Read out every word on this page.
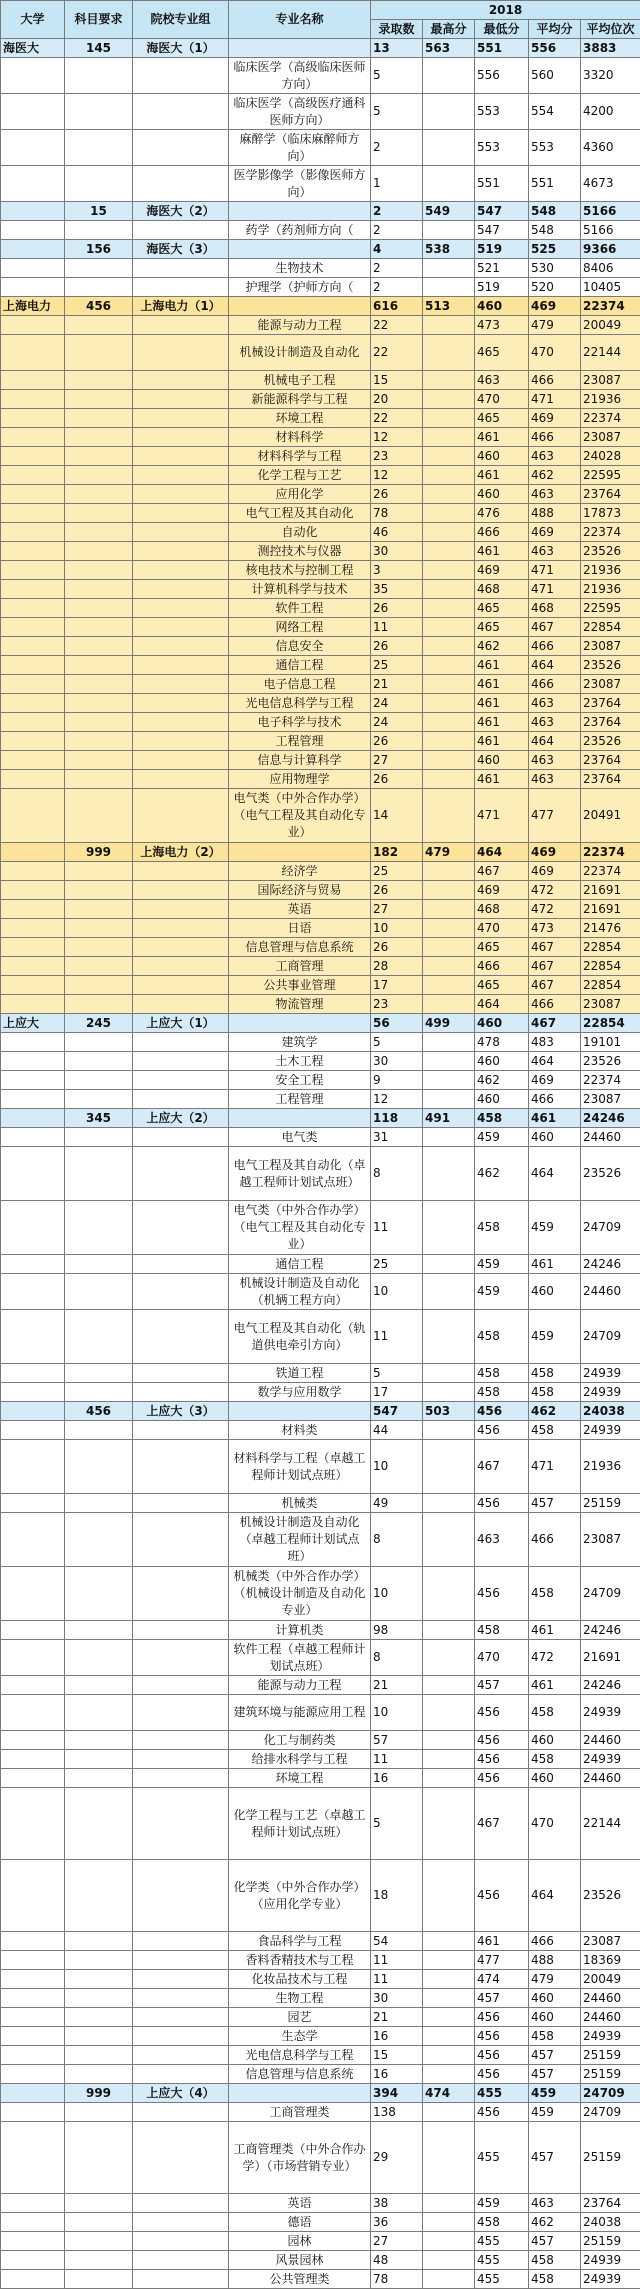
大学	科目要求	院校专业组	专业名称	2018				
				录取数	最高分	最低分	平均分	平均位次
海医大	145	海医大（1）		13	563	551	556	3883
			临床医学（高级临床医师方向）	5		556	560	3320
			临床医学（高级医疗通科医师方向）	5		553	554	4200
			麻醉学（临床麻醉师方向）	2		553	553	4360
			医学影像学（影像医师方向）	1		551	551	4673
	15	海医大（2）		2	549	547	548	5166
			药学（药剂师方向（	2		547	548	5166
	156	海医大（3）		4	538	519	525	9366
			生物技术	2		521	530	8406
			护理学（护师方向（	2		519	520	10405
上海电力	456	上海电力（1）		616	513	460	469	22374
			能源与动力工程	22		473	479	20049
			机械设计制造及自动化	22		465	470	22144
			机械电子工程	15		463	466	23087
			新能源科学与工程	20		470	471	21936
			环境工程	22		465	469	22374
			材料科学	12		461	466	23087
			材料科学与工程	23		460	463	24028
			化学工程与工艺	12		461	462	22595
			应用化学	26		460	463	23764
			电气工程及其自动化	78		476	488	17873
			自动化	46		466	469	22374
			测控技术与仪器	30		461	463	23526
			核电技术与控制工程	3		469	471	21936
			计算机科学与技术	35		468	471	21936
			软件工程	26		465	468	22595
			网络工程	11		465	467	22854
			信息安全	26		462	466	23087
			通信工程	25		461	464	23526
			电子信息工程	21		461	466	23087
			光电信息科学与工程	24		461	463	23764
			电子科学与技术	24		461	463	23764
			工程管理	26		461	464	23526
			信息与计算科学	27		460	463	23764
			应用物理学	26		461	463	23764
			电气类（中外合作办学）（电气工程及其自动化专业）	14		471	477	20491
	999	上海电力（2）		182	479	464	469	22374
			经济学	25		467	469	22374
			国际经济与贸易	26		469	472	21691
			英语	27		468	472	21691
			日语	10		470	473	21476
			信息管理与信息系统	26		465	467	22854
			工商管理	28		466	467	22854
			公共事业管理	17		465	467	22854
			物流管理	23		464	466	23087
上应大	245	上应大（1）		56	499	460	467	22854
			建筑学	5		478	483	19101
			土木工程	30		460	464	23526
			安全工程	9		462	469	22374
			工程管理	12		460	466	23087
	345	上应大（2）		118	491	458	461	24246
			电气类	31		459	460	24460
			电气工程及其自动化（卓越工程师计划试点班）	8		462	464	23526
			电气类（中外合作办学）（电气工程及其自动化专业）	11		458	459	24709
			通信工程	25		459	461	24246
			机械设计制造及自动化（机辆工程方向）	10		459	460	24460
			电气工程及其自动化（轨道供电牵引方向）	11		458	459	24709
			铁道工程	5		458	458	24939
			数学与应用数学	17		458	458	24939
	456	上应大（3）		547	503	456	462	24038
			材料类	44		456	458	24939
			材料科学与工程（卓越工程师计划试点班）	10		467	471	21936
			机械类	49		456	457	25159
			机械设计制造及自动化（卓越工程师计划试点班）	8		463	466	23087
			机械类（中外合作办学）（机械设计制造及自动化专业）	10		456	458	24709
			计算机类	98		458	461	24246
			软件工程（卓越工程师计划试点班）	8		470	472	21691
			能源与动力工程	21		457	461	24246
			建筑环境与能源应用工程	10		456	458	24939
			化工与制药类	57		456	460	24460
			给排水科学与工程	11		456	458	24939
			环境工程	16		456	460	24460
			化学工程与工艺（卓越工程师计划试点班）	5		467	470	22144
			化学类（中外合作办学）（应用化学专业）	18		456	464	23526
			食品科学与工程	54		461	466	23087
			香料香精技术与工程	11		477	488	18369
			化妆品技术与工程	11		474	479	20049
			生物工程	30		457	460	24460
			园艺	21		456	460	24460
			生态学	16		456	458	24939
			光电信息科学与工程	15		456	457	25159
			信息管理与信息系统	16		456	457	25159
	999	上应大（4）		394	474	455	459	24709
			工商管理类	138		456	459	24709
			工商管理类（中外合作办学）（市场营销专业）	29		455	457	25159
			英语	38		459	463	23764
			德语	36		458	462	24038
			园林	27		455	457	25159
			风景园林	48		455	458	24939
			公共管理类	78		455	458	24939
